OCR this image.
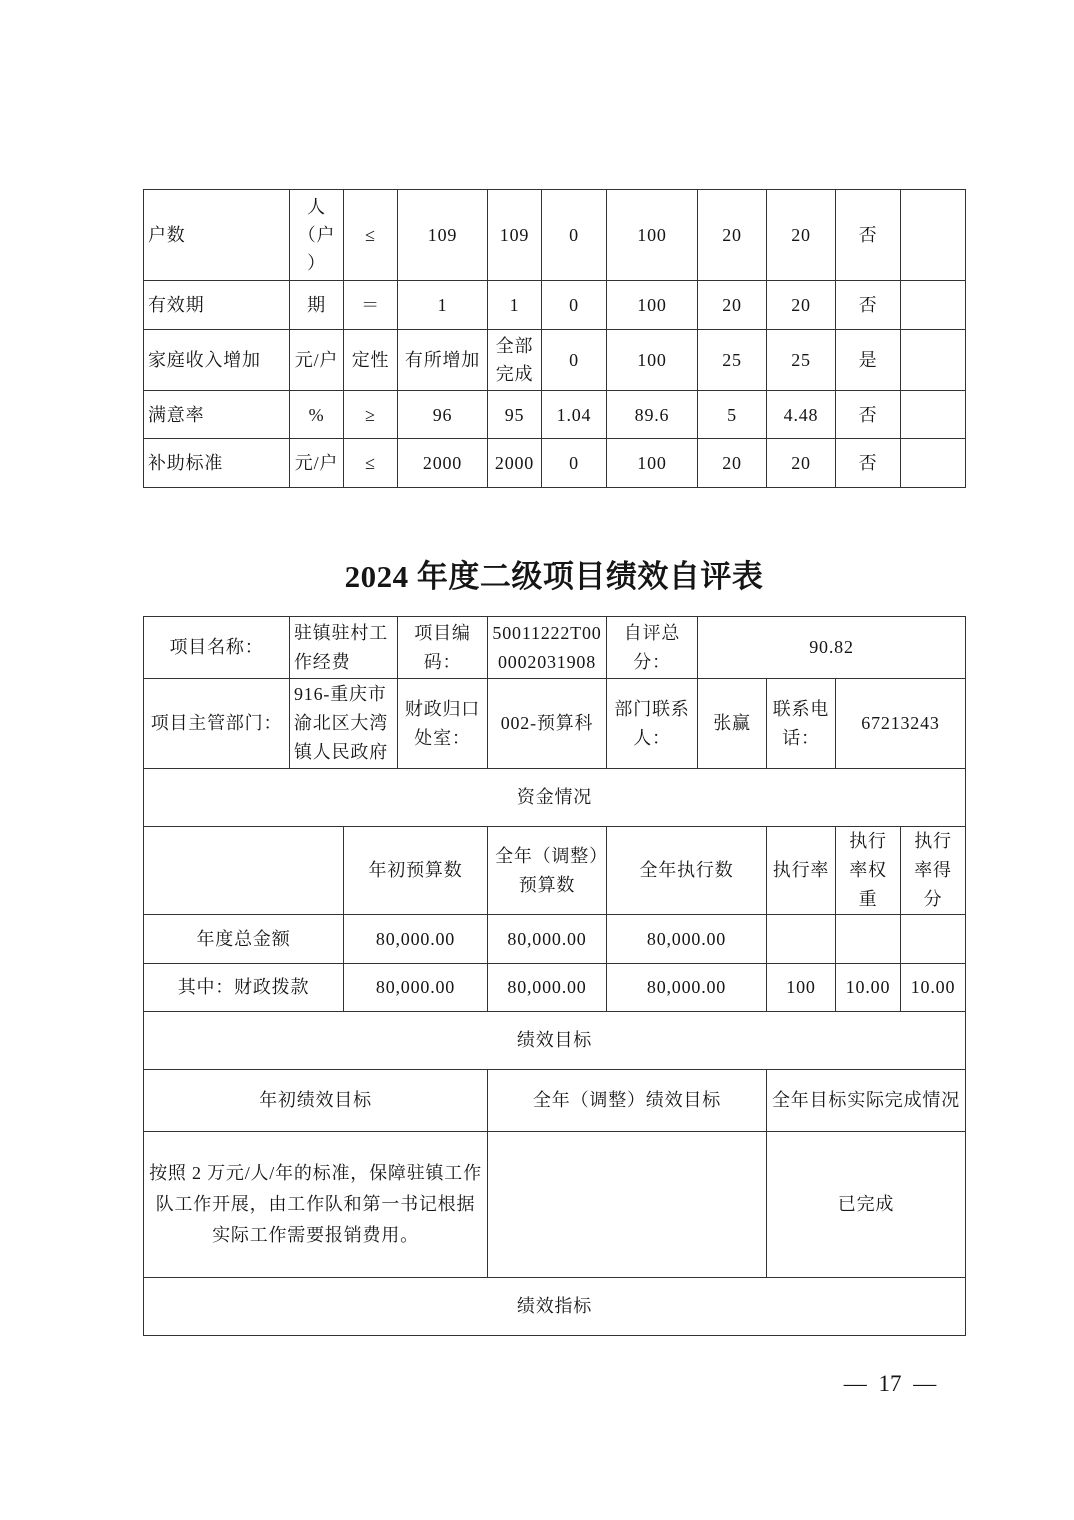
户数	人（户）	≤	109	109	0	100	20	20	否	
有效期	期	＝	1	1	0	100	20	20	否	
家庭收入增加	元/户	定性	有所增加	全部完成	0	100	25	25	是	
满意率	%	≥	96	95	1.04	89.6	5	4.48	否	
补助标准	元/户	≤	2000	2000	0	100	20	20	否	
2024 年度二级项目绩效自评表
项目名称：	驻镇驻村工作经费		项目编码：	50011222T000002031908	自评总分：	90.82			
项目主管部门：	916-重庆市渝北区大湾镇人民政府		财政归口处室：	002-预算科	部门联系人：	张赢	联系电话：	67213243	
资金情况									
		年初预算数		全年（调整）预算数	全年执行数		执行率	执行率权重	执行率得分
年度总金额		80,000.00		80,000.00	80,000.00				
其中：财政拨款		80,000.00		80,000.00	80,000.00		100	10.00	10.00
绩效目标									
年初绩效目标				全年（调整）绩效目标			全年目标实际完成情况		
按照 2 万元/人/年的标准，保障驻镇工作队工作开展，由工作队和第一书记根据实际工作需要报销费用。							已完成		
绩效指标									
— 17 —
